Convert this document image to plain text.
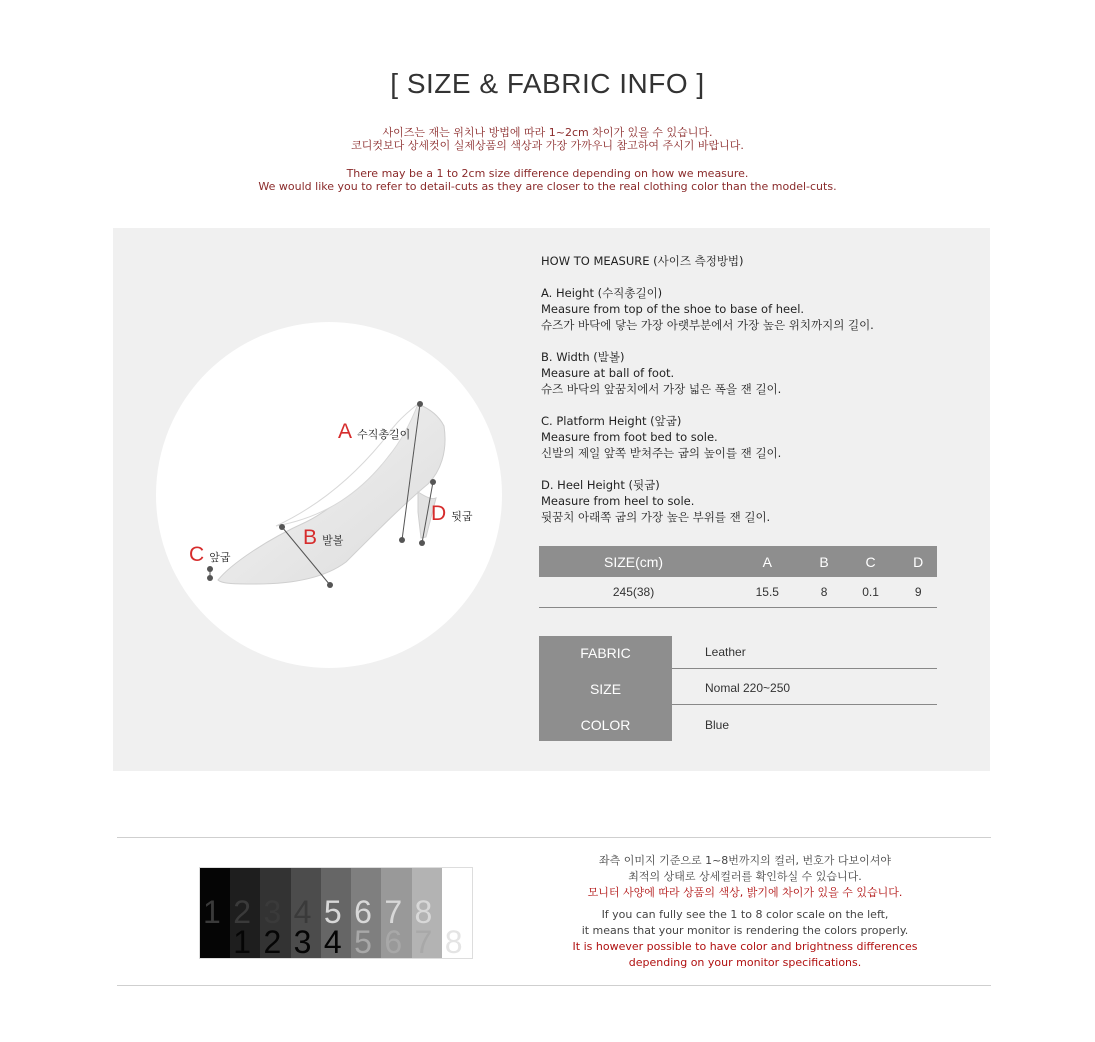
[ SIZE & FABRIC INFO ]
사이즈는 재는 위치나 방법에 따라 1~2cm 차이가 있을 수 있습니다.
코디컷보다 상세컷이 실제상품의 색상과 가장 가까우니 참고하여 주시기 바랍니다.
There may be a 1 to 2cm size difference depending on how we measure.
We would like you to refer to detail-cuts as they are closer to the real clothing color than the model-cuts.
A 수직총길이
B 발볼
C 앞굽
D 뒷굽
HOW TO MEASURE (사이즈 측정방법)
A. Height (수직총길이)
Measure from top of the shoe to base of heel.
슈즈가 바닥에 닿는 가장 아랫부분에서 가장 높은 위치까지의 길이.
B. Width (발볼)
Measure at ball of foot.
슈즈 바닥의 앞꿈치에서 가장 넓은 폭을 잰 길이.
C. Platform Height (앞굽)
Measure from foot bed to sole.
신발의 제일 앞쪽 받쳐주는 굽의 높이를 잰 길이.
D. Heel Height (뒷굽)
Measure from heel to sole.
뒷꿈치 아래쪽 굽의 가장 높은 부위를 잰 길이.
SIZE(cm)	A	B	C	D
245(38)	15.5	8	0.1	9
FABRIC	Leather
SIZE	Nomal 220~250
COLOR	Blue
1 2
1
3
2
4
3
5
4
6
5
7
6
8
7 8
좌측 이미지 기준으로 1~8번까지의 컬러, 번호가 다보이셔야
최적의 상태로 상세컬러를 확인하실 수 있습니다.
모니터 사양에 따라 상품의 색상, 밝기에 차이가 있을 수 있습니다.
If you can fully see the 1 to 8 color scale on the left,
it means that your monitor is rendering the colors properly.
It is however possible to have color and brightness differences
depending on your monitor specifications.
